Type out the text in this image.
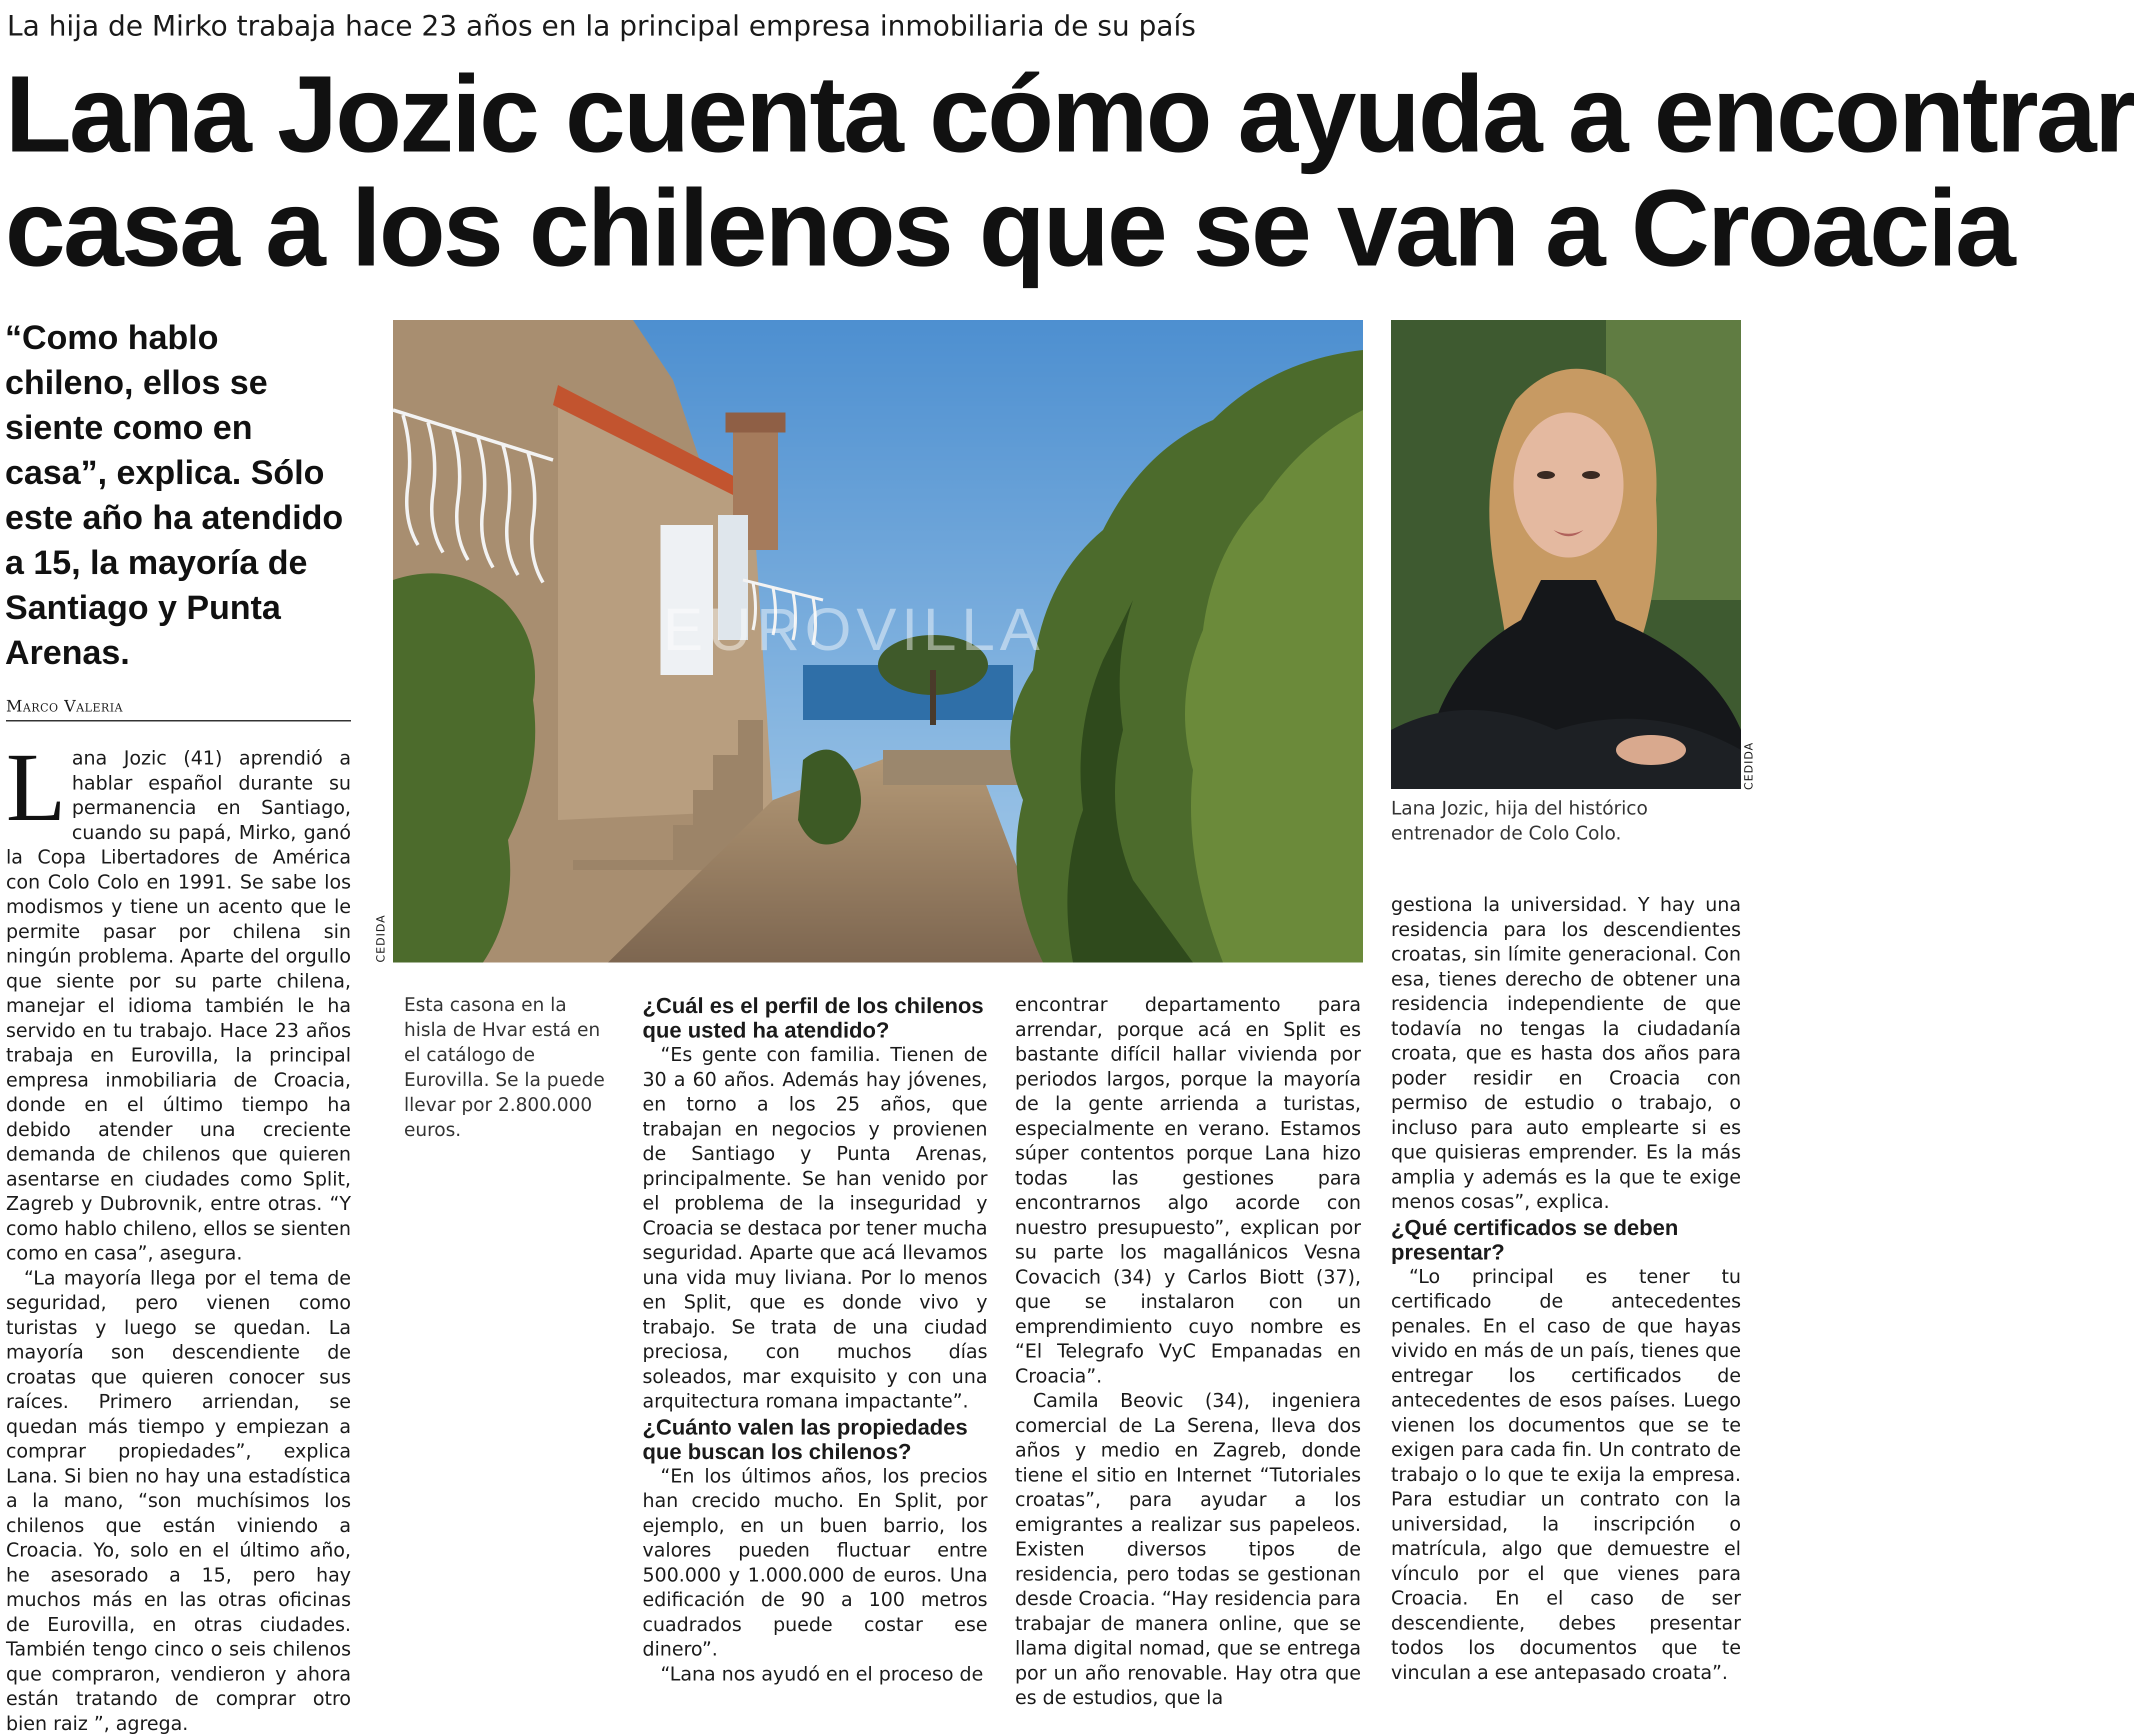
La hija de Mirko trabaja hace 23 años en la principal empresa inmobiliaria de su país
Lana Jozic cuenta cómo ayuda a encontrar
casa a los chilenos que se van a Croacia
“Como hablo chileno, ellos se siente como en casa”, explica. Sólo este año ha atendido a 15, la mayoría de Santiago y Punta Arenas.
Marco Valeria
EUROVILLA
CEDIDA
Esta casona en la hisla de Hvar está en el catálogo de Eurovilla. Se la puede llevar por 2.800.000 euros.
CEDIDA
Lana Jozic, hija del histórico entrenador de Colo Colo.

Lana Jozic (41) aprendió a hablar español durante su permanencia en Santiago, cuando su papá, Mirko, ganó la Copa Libertadores de América con Colo Colo en 1991. Se sabe los modismos y tiene un acento que le permite pasar por chilena sin ningún problema. Aparte del orgullo que siente por su parte chilena, manejar el idioma también le ha servido en tu trabajo. Hace 23 años trabaja en Eurovilla, la principal empresa inmobiliaria de Croacia, donde en el último tiempo ha debido atender una creciente demanda de chilenos que quieren asentarse en ciudades como Split, Zagreb y Dubrovnik, entre otras. “Y como hablo chileno, ellos se sienten como en casa”, asegura.

“La mayoría llega por el tema de seguridad, pero vienen como turistas y luego se quedan. La mayoría son descendiente de croatas que quieren conocer sus raíces. Primero arriendan, se quedan más tiempo y empiezan a comprar propiedades”, explica Lana. Si bien no hay una estadística a la mano, “son muchísimos los chilenos que están viniendo a Croacia. Yo, solo en el último año, he asesorado a 15, pero hay muchos más en las otras oficinas de Eurovilla, en otras ciudades. También tengo cinco o seis chilenos que compraron, vendieron y ahora están tratando de comprar otro bien raiz ”, agrega.

¿Cuál es el perfil de los chilenos que usted ha atendido?

“Es gente con familia. Tienen de 30 a 60 años. Además hay jóvenes, en torno a los 25 años, que trabajan en negocios y provienen de Santiago y Punta Arenas, principalmente. Se han venido por el problema de la inseguridad y Croacia se destaca por tener mucha seguridad. Aparte que acá llevamos una vida muy liviana. Por lo menos en Split, que es donde vivo y trabajo. Se trata de una ciudad preciosa, con muchos días soleados, mar exquisito y con una arquitectura romana impactante”.

¿Cuánto valen las propiedades que buscan los chilenos?

“En los últimos años, los precios han crecido mucho. En Split, por ejemplo, en un buen barrio, los valores pueden fluctuar entre 500.000 y 1.000.000 de euros. Una edificación de 90 a 100 metros cuadrados puede costar ese dinero”.

“Lana nos ayudó en el proceso de

encontrar departamento para arrendar, porque acá en Split es bastante difícil hallar vivienda por periodos largos, porque la mayoría de la gente arrienda a turistas, especialmente en verano. Estamos súper contentos porque Lana hizo todas las gestiones para encontrarnos algo acorde con nuestro presupuesto”, explican por su parte los magallánicos Vesna Covacich (34) y Carlos Biott (37), que se instalaron con un emprendimiento cuyo nombre es “El Telegrafo VyC Empanadas en Croacia”.

Camila Beovic (34), ingeniera comercial de La Serena, lleva dos años y medio en Zagreb, donde tiene el sitio en Internet “Tutoriales croatas”, para ayudar a los emigrantes a realizar sus papeleos. Existen diversos tipos de residencia, pero todas se gestionan desde Croacia. “Hay residencia para trabajar de manera online, que se llama digital nomad, que se entrega por un año renovable. Hay otra que es de estudios, que la

gestiona la universidad. Y hay una residencia para los descendientes croatas, sin límite generacional. Con esa, tienes derecho de obtener una residencia independiente de que todavía no tengas la ciudadanía croata, que es hasta dos años para poder residir en Croacia con permiso de estudio o trabajo, o incluso para auto emplearte si es que quisieras emprender. Es la más amplia y además es la que te exige menos cosas”, explica.

¿Qué certificados se deben presentar?

“Lo principal es tener tu certificado de antecedentes penales. En el caso de que hayas vivido en más de un país, tienes que entregar los certificados de antecedentes de esos países. Luego vienen los documentos que se te exigen para cada fin. Un contrato de trabajo o lo que te exija la empresa. Para estudiar un contrato con la universidad, la inscripción o matrícula, algo que demuestre el vínculo por el que vienes para Croacia. En el caso de ser descendiente, debes presentar todos los documentos que te vinculan a ese antepasado croata”.
